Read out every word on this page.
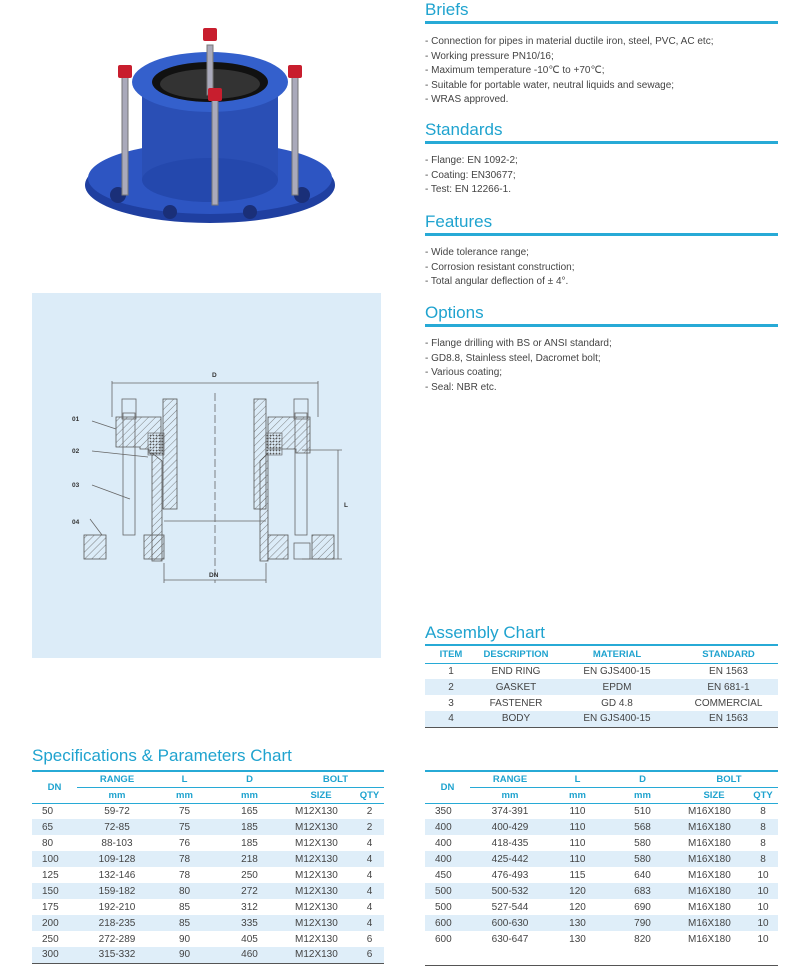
D
DN
L
01
02
03
04
Briefs
- Connection for pipes in material ductile iron, steel, PVC, AC etc;
- Working pressure PN10/16;
- Maximum temperature -10℃ to +70℃;
- Suitable for portable water, neutral liquids and sewage;
- WRAS approved.
Standards
- Flange: EN 1092-2;
- Coating: EN30677;
- Test: EN 12266-1.
Features
- Wide tolerance range;
- Corrosion resistant construction;
- Total angular deflection of ± 4°.
Options
- Flange drilling with BS or ANSI standard;
- GD8.8, Stainless steel, Dacromet bolt;
- Various coating;
- Seal: NBR etc.
Assembly Chart
ITEM	DESCRIPTION	MATERIAL	STANDARD
1	END RING	EN GJS400-15	EN 1563
2	GASKET	EPDM	EN 681-1
3	FASTENER	GD 4.8	COMMERCIAL
4	BODY	EN GJS400-15	EN 1563
Specifications & Parameters Chart
DN	RANGE	L	D	BOLT	
	mm	mm	mm	SIZE	QTY
50	59-72	75	165	M12X130	2
65	72-85	75	185	M12X130	2
80	88-103	76	185	M12X130	4
100	109-128	78	218	M12X130	4
125	132-146	78	250	M12X130	4
150	159-182	80	272	M12X130	4
175	192-210	85	312	M12X130	4
200	218-235	85	335	M12X130	4
250	272-289	90	405	M12X130	6
300	315-332	90	460	M12X130	6
DN	RANGE	L	D	BOLT	
	mm	mm	mm	SIZE	QTY
350	374-391	110	510	M16X180	8
400	400-429	110	568	M16X180	8
400	418-435	110	580	M16X180	8
400	425-442	110	580	M16X180	8
450	476-493	115	640	M16X180	10
500	500-532	120	683	M16X180	10
500	527-544	120	690	M16X180	10
600	600-630	130	790	M16X180	10
600	630-647	130	820	M16X180	10
